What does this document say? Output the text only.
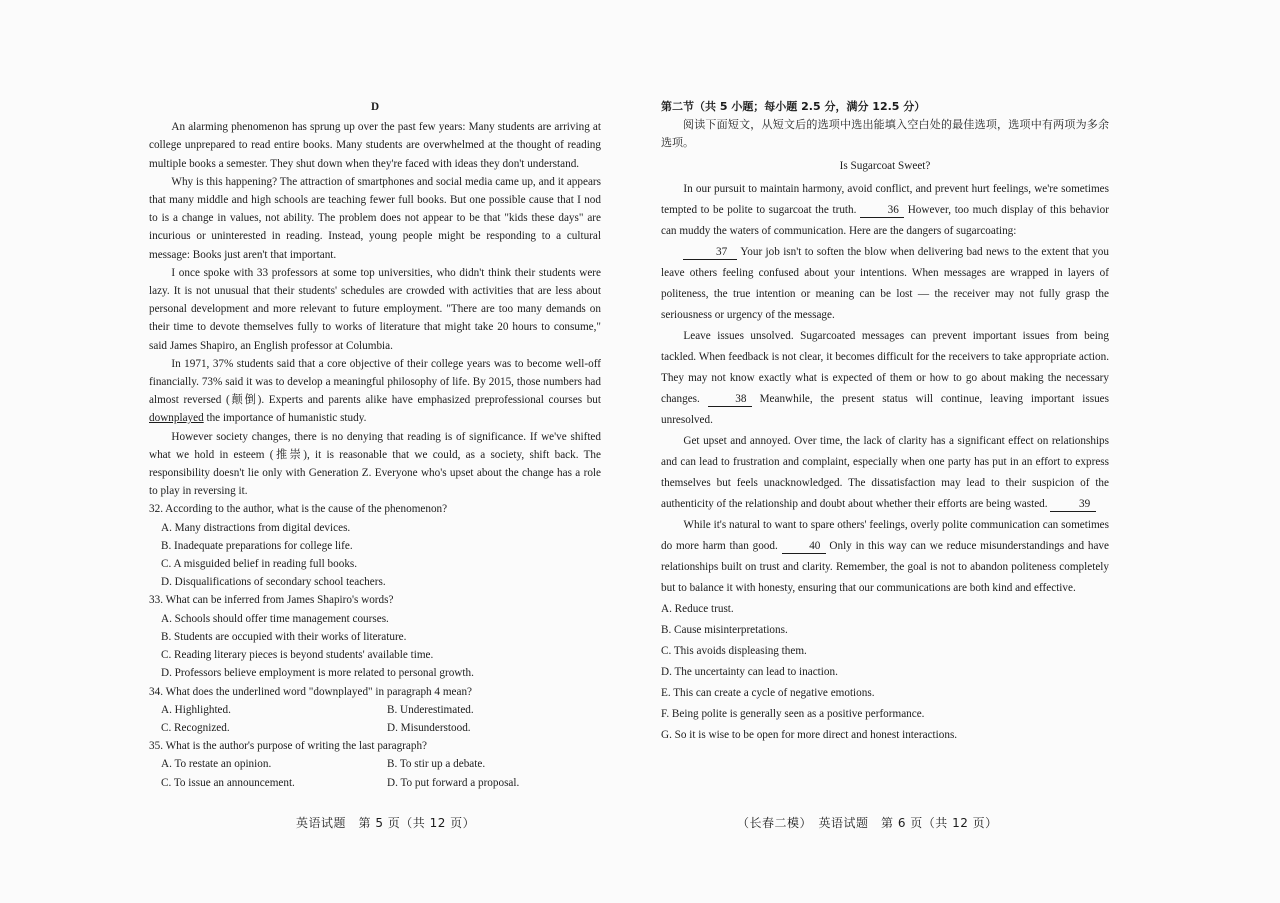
D

An alarming phenomenon has sprung up over the past few years: Many students are arriving at college unprepared to read entire books. Many students are overwhelmed at the thought of reading multiple books a semester. They shut down when they're faced with ideas they don't understand.

Why is this happening? The attraction of smartphones and social media came up, and it appears that many middle and high schools are teaching fewer full books. But one possible cause that I nod to is a change in values, not ability. The problem does not appear to be that "kids these days" are incurious or uninterested in reading. Instead, young people might be responding to a cultural message: Books just aren't that important.

I once spoke with 33 professors at some top universities, who didn't think their students were lazy. It is not unusual that their students' schedules are crowded with activities that are less about personal development and more relevant to future employment. "There are too many demands on their time to devote themselves fully to works of literature that might take 20 hours to consume," said James Shapiro, an English professor at Columbia.

In 1971, 37% students said that a core objective of their college years was to become well-off financially. 73% said it was to develop a meaningful philosophy of life. By 2015, those numbers had almost reversed (颠倒). Experts and parents alike have emphasized preprofessional courses but downplayed the importance of humanistic study.

However society changes, there is no denying that reading is of significance. If we've shifted what we hold in esteem (推崇), it is reasonable that we could, as a society, shift back. The responsibility doesn't lie only with Generation Z. Everyone who's upset about the change has a role to play in reversing it.

32. According to the author, what is the cause of the phenomenon?

A. Many distractions from digital devices.

B. Inadequate preparations for college life.

C. A misguided belief in reading full books.

D. Disqualifications of secondary school teachers.

33. What can be inferred from James Shapiro's words?

A. Schools should offer time management courses.

B. Students are occupied with their works of literature.

C. Reading literary pieces is beyond students' available time.

D. Professors believe employment is more related to personal growth.

34. What does the underlined word "downplayed" in paragraph 4 mean?

A. Highlighted.	B. Underestimated.
C. Recognized.	D. Misunderstood.

35. What is the author's purpose of writing the last paragraph?

A. To restate an opinion.	B. To stir up a debate.
C. To issue an announcement.	D. To put forward a proposal.

第二节（共 5 小题；每小题 2.5 分，满分 12.5 分）

阅读下面短文，从短文后的选项中选出能填入空白处的最佳选项，选项中有两项为多余选项。

Is Sugarcoat Sweet?

In our pursuit to maintain harmony, avoid conflict, and prevent hurt feelings, we're sometimes tempted to be polite to sugarcoat the truth. 36 However, too much display of this behavior can muddy the waters of communication. Here are the dangers of sugarcoating:

37 Your job isn't to soften the blow when delivering bad news to the extent that you leave others feeling confused about your intentions. When messages are wrapped in layers of politeness, the true intention or meaning can be lost — the receiver may not fully grasp the seriousness or urgency of the message.

Leave issues unsolved. Sugarcoated messages can prevent important issues from being tackled. When feedback is not clear, it becomes difficult for the receivers to take appropriate action. They may not know exactly what is expected of them or how to go about making the necessary changes. 38 Meanwhile, the present status will continue, leaving important issues unresolved.

Get upset and annoyed. Over time, the lack of clarity has a significant effect on relationships and can lead to frustration and complaint, especially when one party has put in an effort to express themselves but feels unacknowledged. The dissatisfaction may lead to their suspicion of the authenticity of the relationship and doubt about whether their efforts are being wasted.	39

While it's natural to want to spare others' feelings, overly polite communication can sometimes do more harm than good. 40 Only in this way can we reduce misunderstandings and have relationships built on trust and clarity. Remember, the goal is not to abandon politeness completely but to balance it with honesty, ensuring that our communications are both kind and effective.

A. Reduce trust.

B. Cause misinterpretations.

C. This avoids displeasing them.

D. The uncertainty can lead to inaction.

E. This can create a cycle of negative emotions.

F. Being polite is generally seen as a positive performance.

G. So it is wise to be open for more direct and honest interactions.

英语试题　第 5 页（共 12 页）	（长春二模）　英语试题　第 6 页（共 12 页）
